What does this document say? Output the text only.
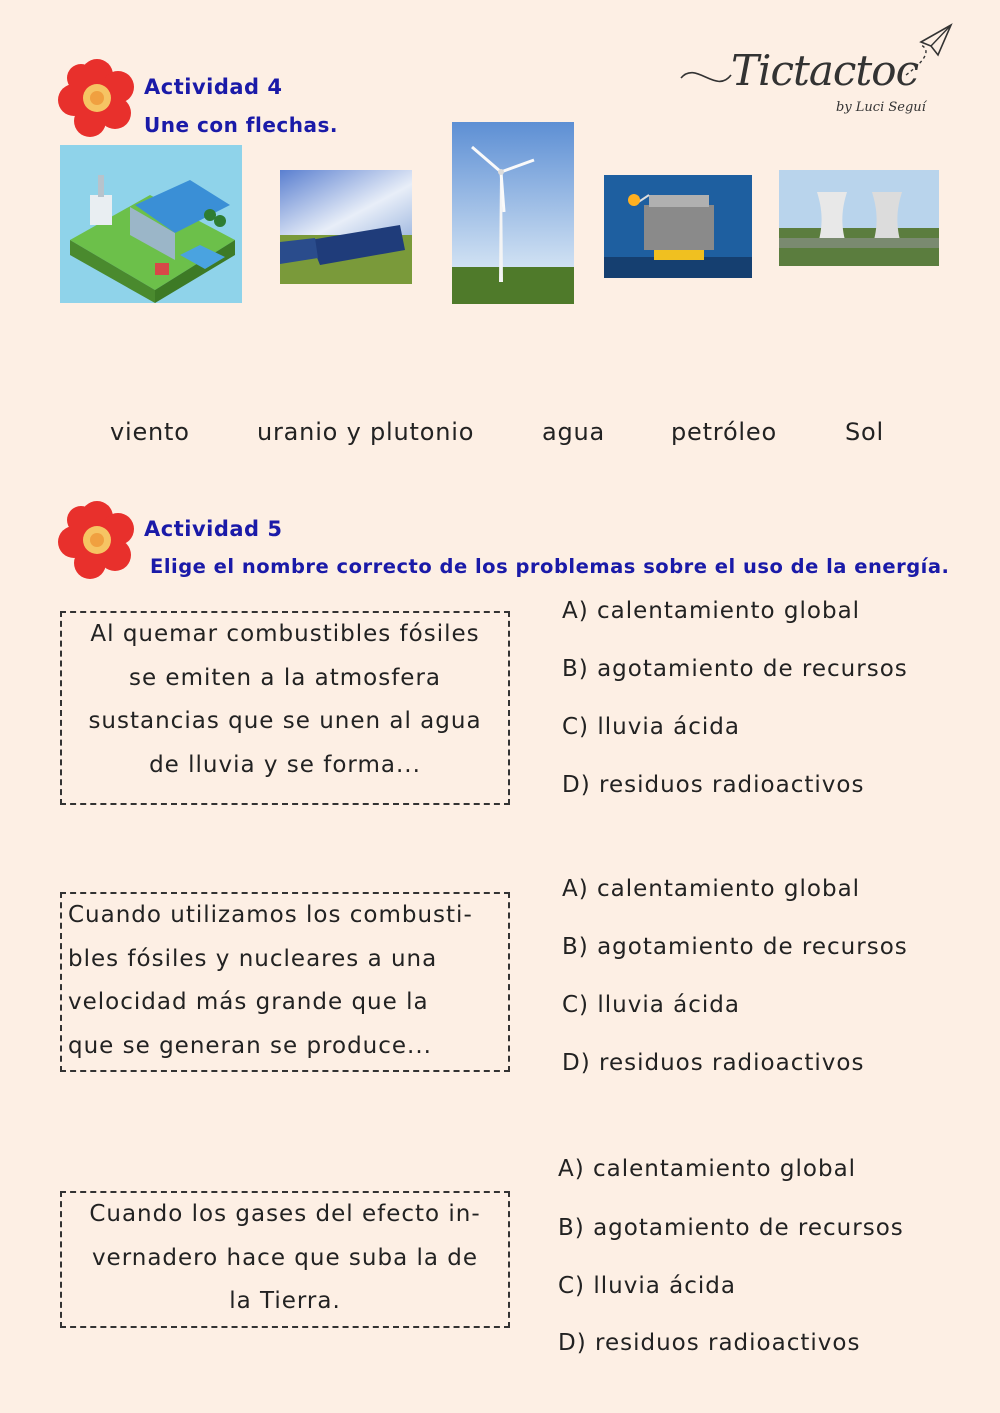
Tictactoc
by Luci Seguí
Actividad 4
Une con flechas.
viento	uranio y plutonio	agua	petróleo	Sol
Actividad 5
Elige el nombre correcto de los problemas sobre el uso de la energía.
Al quemar combustibles fósiles
se emiten a la atmosfera
sustancias que se unen al agua
de lluvia y se forma...
A) calentamiento global
B) agotamiento de recursos
C) lluvia ácida
D) residuos radioactivos
Cuando utilizamos los combusti-
bles fósiles y nucleares a una
velocidad más grande que la
que se generan se produce...
A) calentamiento global
B) agotamiento de recursos
C) lluvia ácida
D) residuos radioactivos
Cuando los gases del efecto in-
vernadero hace que suba la de
la Tierra.
A) calentamiento global
B) agotamiento de recursos
C) lluvia ácida
D) residuos radioactivos
